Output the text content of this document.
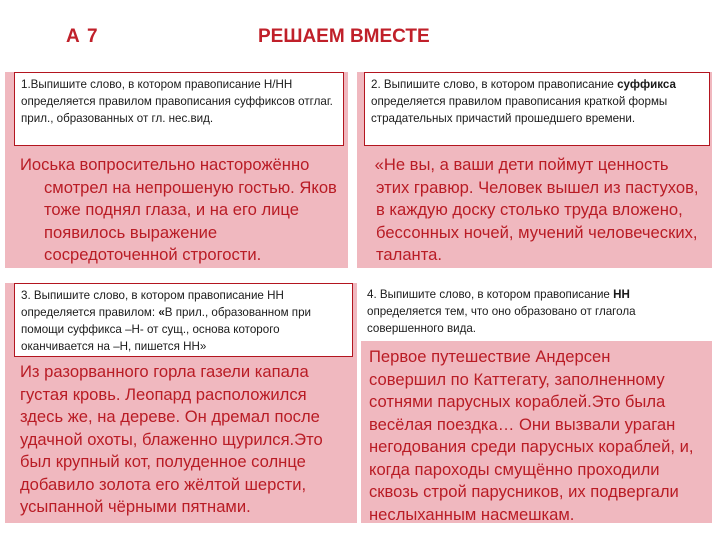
А 7	РЕШАЕМ ВМЕСТЕ
1.Выпишите слово, в котором правописание Н/НН определяется правилом правописания суффиксов отглаг. прил., образованных от гл. нес.вид.
Иоська вопросительно насторожённо
смотрел на непрошеную гостью. Яков тоже поднял глаза, и на его лице появилось выражение сосредоточенной строгости.
2. Выпишите слово, в котором правописание суффикса определяется правилом правописания краткой формы страдательных причастий прошедшего времени.
«Не вы, а ваши дети поймут ценность
этих гравюр. Человек вышел из пастухов, в каждую доску столько труда вложено, бессонных ночей, мучений человеческих, таланта.
3. Выпишите слово, в котором правописание НН определяется правилом: «В прил., образованном при помощи суффикса –Н- от сущ., основа которого оканчивается на –Н, пишется НН»
Из разорванного горла газели капала густая кровь. Леопард расположился здесь же, на дереве. Он дремал после удачной охоты, блаженно щурился.Это был крупный кот, полуденное солнце добавило золота его жёлтой шерсти, усыпанной чёрными пятнами.
4. Выпишите слово, в котором правописание НН определяется тем, что оно образовано от глагола совершенного вида.
Первое путешествие Андерсен
совершил по Каттегату, заполненному сотнями парусных кораблей.Это была весёлая поездка… Они вызвали ураган негодования среди парусных кораблей, и, когда пароходы смущённо проходили сквозь строй парусников, их подвергали неслыханным насмешкам.
